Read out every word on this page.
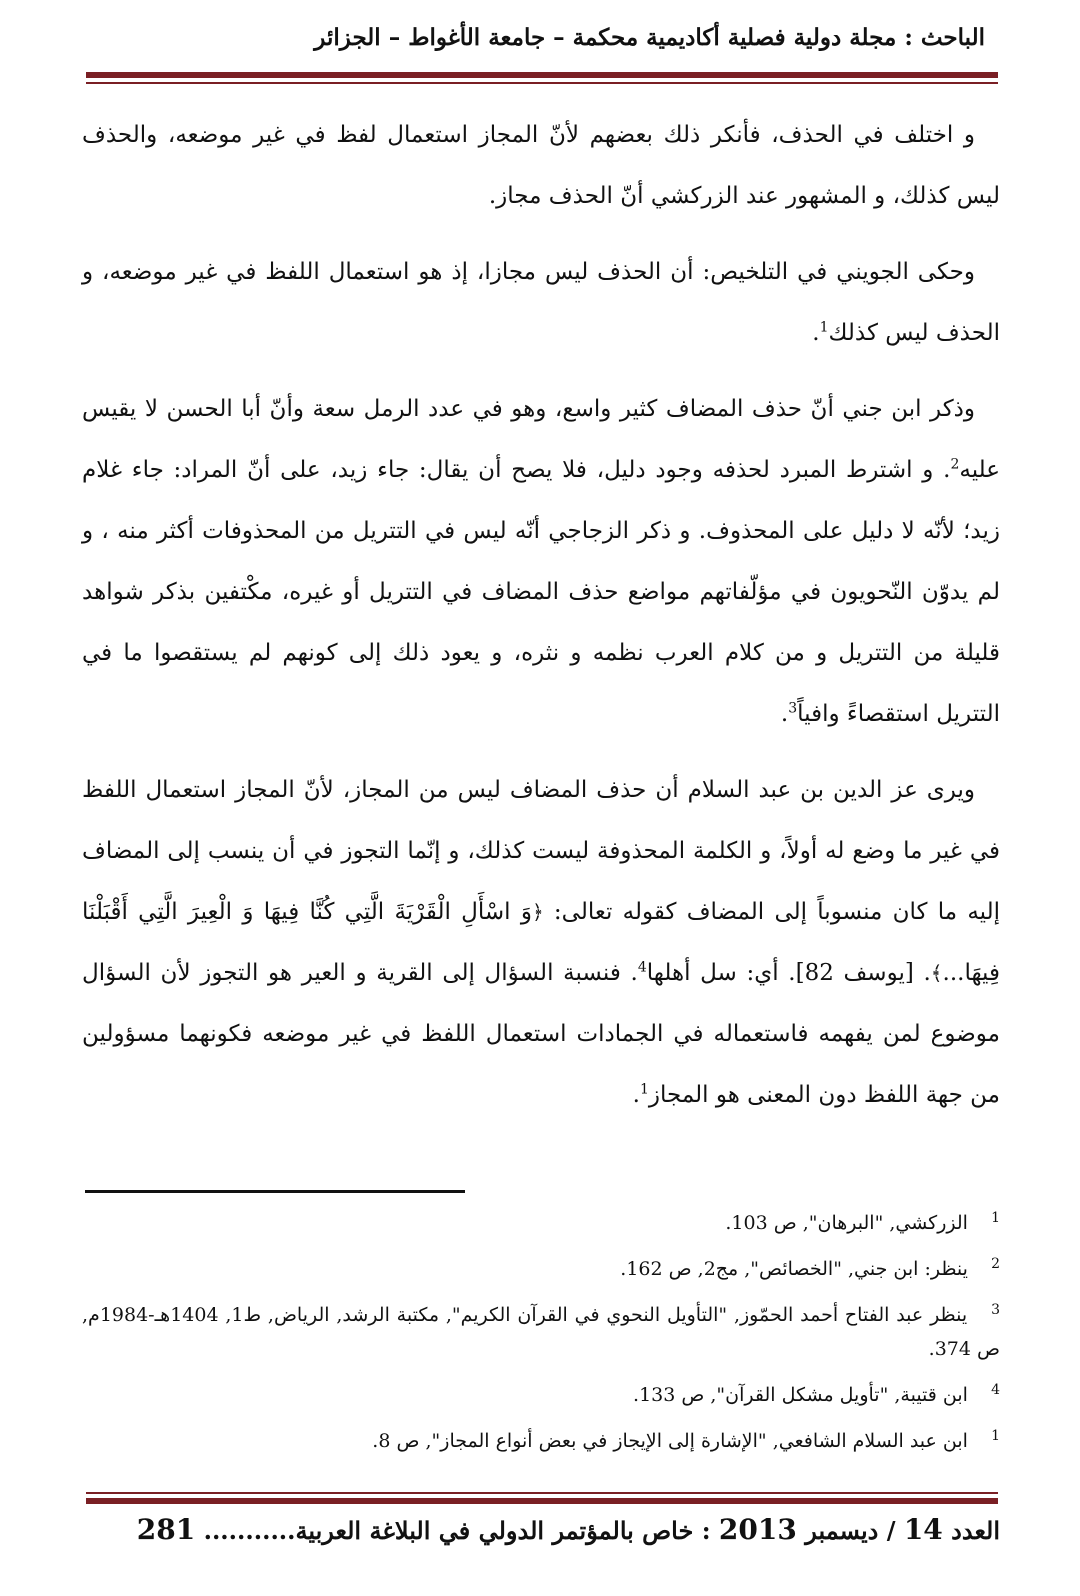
الباحث : مجلة دولية فصلية أكاديمية محكمة – جامعة الأغواط – الجزائر

و اختلف في الحذف، فأنكر ذلك بعضهم لأنّ المجاز استعمال لفظ في غير موضعه، والحذف ليس كذلك، و المشهور عند الزركشي أنّ الحذف مجاز.

وحكى الجويني في التلخيص: أن الحذف ليس مجازا، إذ هو استعمال اللفظ في غير موضعه، و الحذف ليس كذلك$^1$.

وذكر ابن جني أنّ حذف المضاف كثير واسع، وهو في عدد الرمل سعة وأنّ أبا الحسن لا يقيس عليه$^2$. و اشترط المبرد لحذفه وجود دليل، فلا يصح أن يقال: جاء زيد، على أنّ المراد: جاء غلام زيد؛ لأنّه لا دليل على المحذوف. و ذكر الزجاجي أنّه ليس في التتريل من المحذوفات أكثر منه ، و لم يدوّن النّحويون في مؤلّفاتهم مواضع حذف المضاف في التتريل أو غيره، مكْتفين بذكر شواهد قليلة من التتريل و من كلام العرب نظمه و نثره، و يعود ذلك إلى كونهم لم يستقصوا ما في التتريل استقصاءً وافياً$^3$.

ويرى عز الدين بن عبد السلام أن حذف المضاف ليس من المجاز، لأنّ المجاز استعمال اللفظ في غير ما وضع له أولاً، و الكلمة المحذوفة ليست كذلك، و إنّما التجوز في أن ينسب إلى المضاف إليه ما كان منسوباً إلى المضاف كقوله تعالى: ﴿وَ اسْأَلِ الْقَرْيَةَ الَّتِي كُنَّا فِيهَا وَ الْعِيرَ الَّتِي أَقْبَلْنَا فِيهَا...﴾. [يوسف 82]. أي: سل أهلها$^4$. فنسبة السؤال إلى القرية و العير هو التجوز لأن السؤال موضوع لمن يفهمه فاستعماله في الجمادات استعمال اللفظ في غير موضعه فكونهما مسؤولين من جهة اللفظ دون المعنى هو المجاز$^1$.

1 الزركشي, "البرهان", ص 103.

2 ينظر: ابن جني, "الخصائص", مج2, ص 162.

3 ينظر عبد الفتاح أحمد الحمّوز, "التأويل النحوي في القرآن الكريم", مكتبة الرشد, الرياض, ط1, 1404هـ-1984م, ص 374.

4 ابن قتيبة, "تأويل مشكل القرآن", ص 133.

1 ابن عبد السلام الشافعي, "الإشارة إلى الإيجاز في بعض أنواع المجاز", ص 8.

العدد 14 / ديسمبر 2013 : خاص بالمؤتمر الدولي في البلاغة العربية........... 281
